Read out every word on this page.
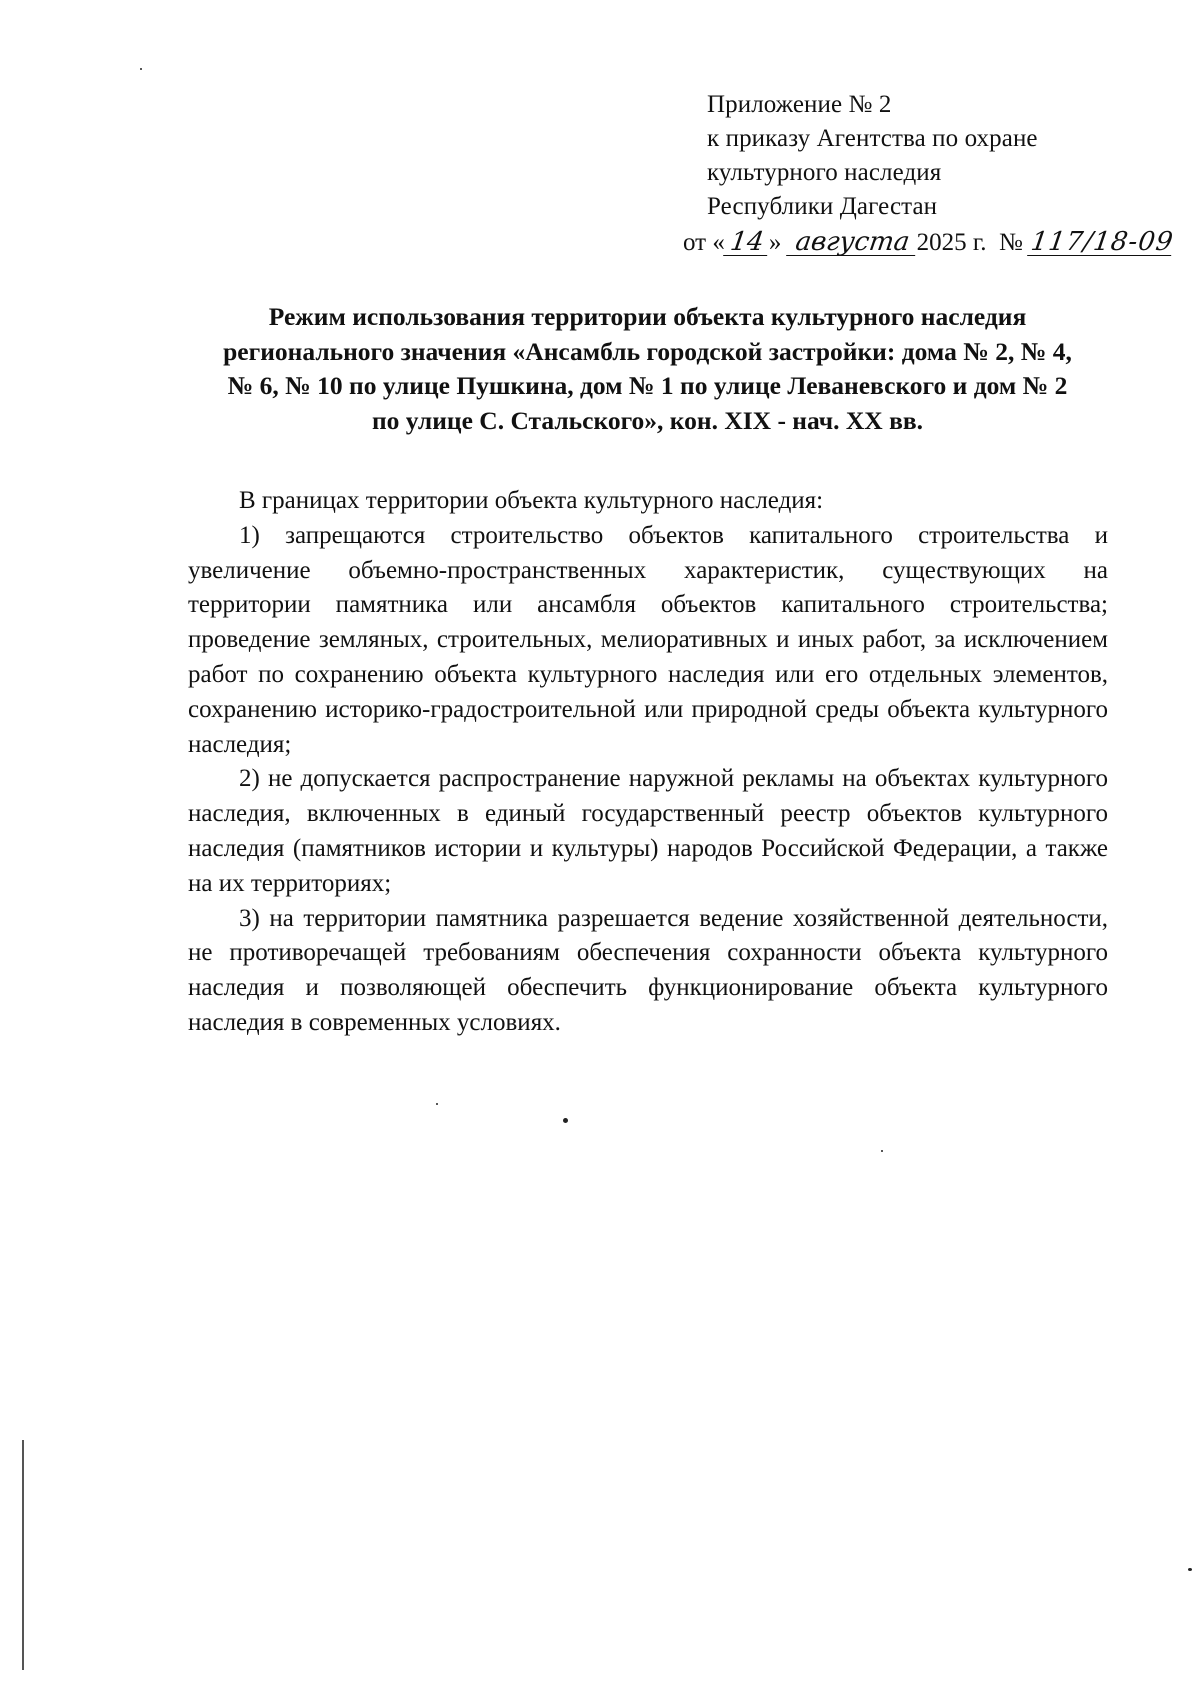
Приложение № 2
к приказу Агентства по охране
культурного наследия
Республики Дагестан
от « 14 » августа 2025 г. № 117/18-09
Режим использования территории объекта культурного наследия
регионального значения «Ансамбль городской застройки: дома № 2, № 4,
№ 6, № 10 по улице Пушкина, дом № 1 по улице Леваневского и дом № 2
по улице С. Стальского», кон. XIX - нач. XX вв.

В границах территории объекта культурного наследия:

1) запрещаются строительство объектов капитального строительства и увеличение объемно-пространственных характеристик, существующих на территории памятника или ансамбля объектов капитального строительства; проведение земляных, строительных, мелиоративных и иных работ, за исключением работ по сохранению объекта культурного наследия или его отдельных элементов, сохранению историко-градостроительной или природной среды объекта культурного наследия;

2) не допускается распространение наружной рекламы на объектах культурного наследия, включенных в единый государственный реестр объектов культурного наследия (памятников истории и культуры) народов Российской Федерации, а также на их территориях;

3) на территории памятника разрешается ведение хозяйственной деятельности, не противоречащей требованиям обеспечения сохранности объекта культурного наследия и позволяющей обеспечить функционирование объекта культурного наследия в современных условиях.
